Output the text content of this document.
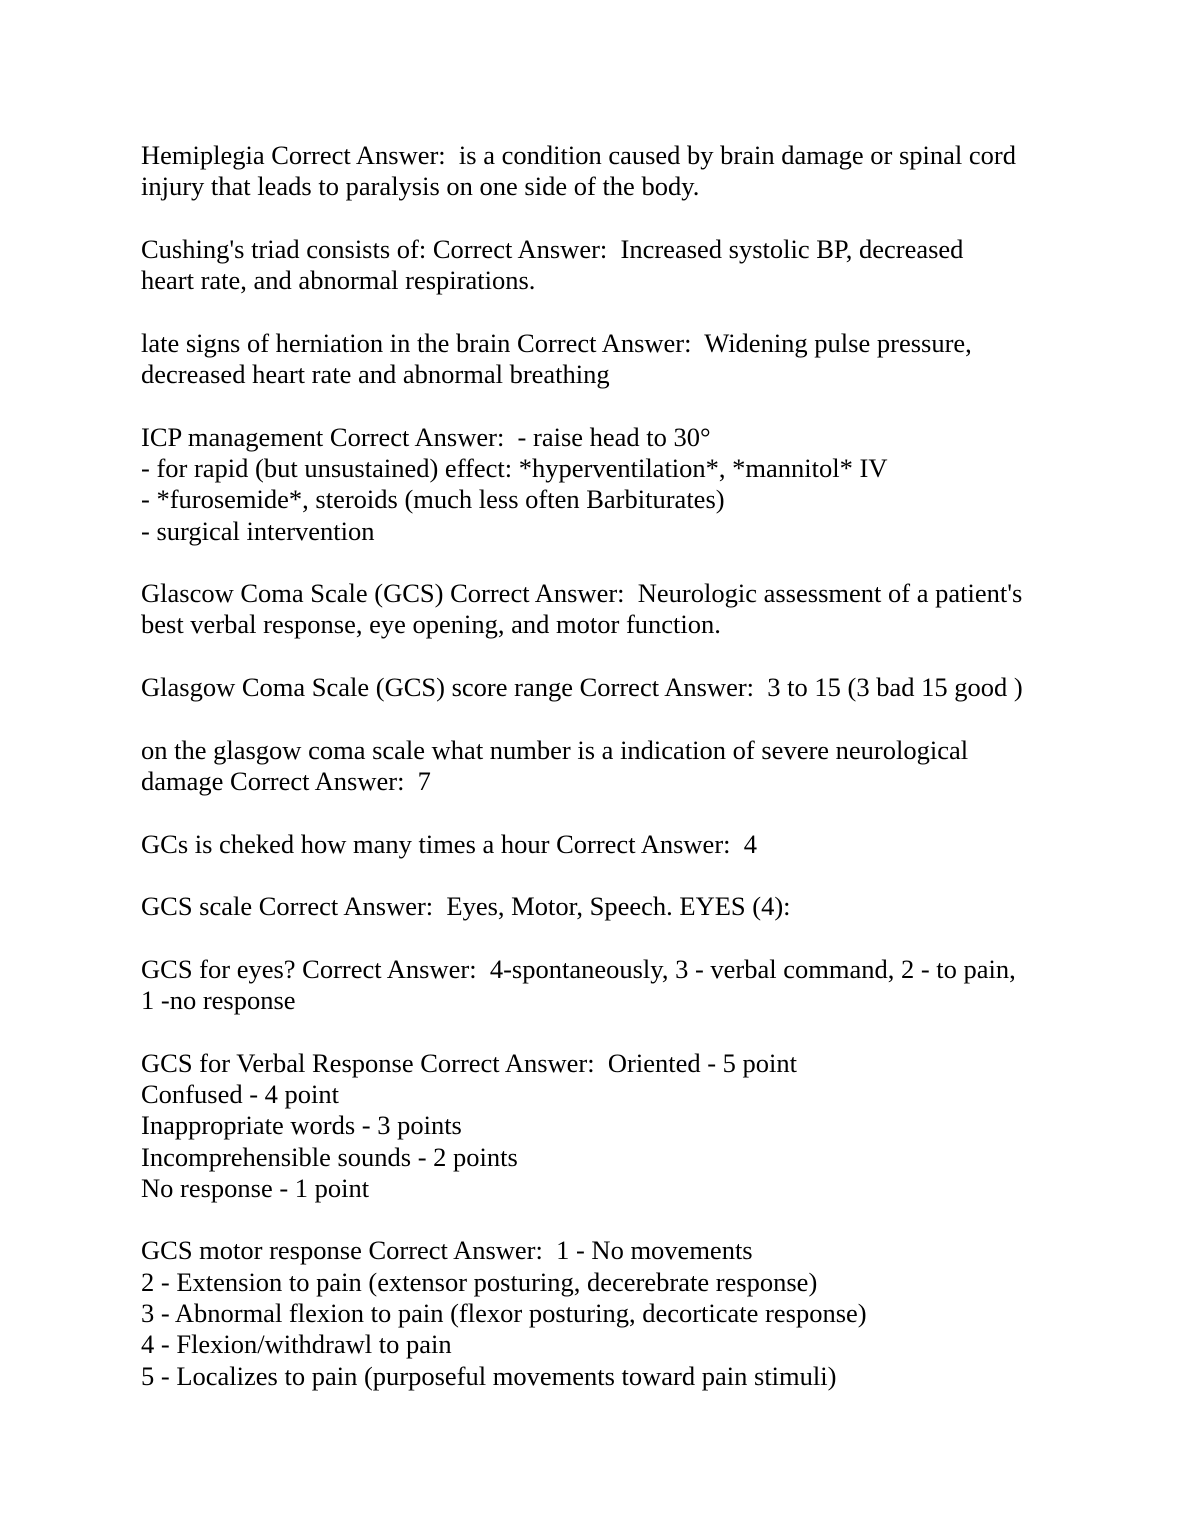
Hemiplegia Correct Answer:  is a condition caused by brain damage or spinal cord
injury that leads to paralysis on one side of the body.
Cushing's triad consists of: Correct Answer:  Increased systolic BP, decreased
heart rate, and abnormal respirations.
late signs of herniation in the brain Correct Answer:  Widening pulse pressure,
decreased heart rate and abnormal breathing
ICP management Correct Answer:  - raise head to 30°
- for rapid (but unsustained) effect: *hyperventilation*, *mannitol* IV
- *furosemide*, steroids (much less often Barbiturates)
- surgical intervention
Glascow Coma Scale (GCS) Correct Answer:  Neurologic assessment of a patient's
best verbal response, eye opening, and motor function.
Glasgow Coma Scale (GCS) score range Correct Answer:  3 to 15 (3 bad 15 good )
on the glasgow coma scale what number is a indication of severe neurological
damage Correct Answer:  7
GCs is cheked how many times a hour Correct Answer:  4
GCS scale Correct Answer:  Eyes, Motor, Speech. EYES (4):
GCS for eyes? Correct Answer:  4-spontaneously, 3 - verbal command, 2 - to pain,
1 -no response
GCS for Verbal Response Correct Answer:  Oriented - 5 point
Confused - 4 point
Inappropriate words - 3 points
Incomprehensible sounds - 2 points
No response - 1 point
GCS motor response Correct Answer:  1 - No movements
2 - Extension to pain (extensor posturing, decerebrate response)
3 - Abnormal flexion to pain (flexor posturing, decorticate response)
4 - Flexion/withdrawl to pain
5 - Localizes to pain (purposeful movements toward pain stimuli)
